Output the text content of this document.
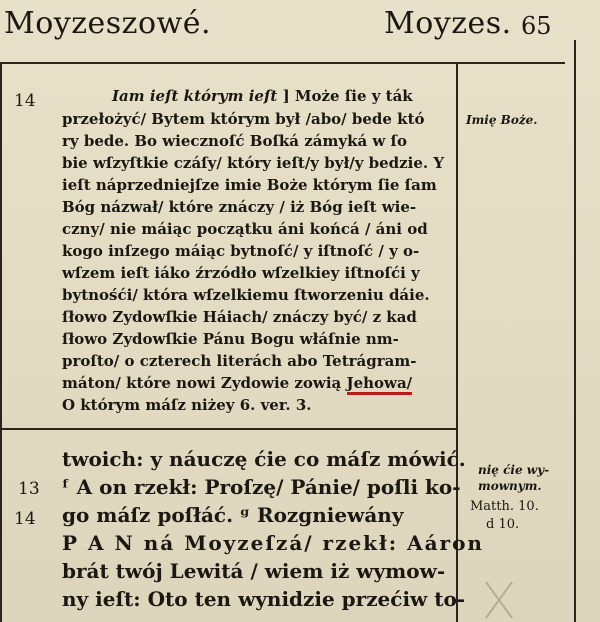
Moyzeszowé.	Moyzes. 65
14	Iam ieſt którym ieſt ] Może ſie y ták
przełożyć/ Bytem którym był /abo/ bede któ
ry bede. Bo wiecznoſć Boſká zámyká w ſo
bie wſzyſtkie czáſy/ który ieſt/y był/y bedzie. Y
ieſt náprzedniejſze imie Boże którym ſie ſam
Bóg názwał/ które znáczy / iż Bóg ieſt wie-
czny/ nie máiąc początku áni końcá / áni od
kogo inſzego máiąc bytnoſć/ y iſtnoſć / y o-
wſzem ieſt iáko źrzódło wſzelkiey iſtnoſći y
bytnośći/ która wſzelkiemu ſtworzeniu dáie.
ſłowo Zydowſkie Háiach/ znáczy być/ z kad
ſłowo Zydowſkie Pánu Bogu włáſnie nm-
proſto/ o czterech literách abo Tetrágram-
máton/ które nowi Zydowie zowią Jehowa/
O którym máſz niżey 6. ver. 3.
Imię Boże.
13
14
twoich: y náuczę ćie co máſz mówić.
ᶠ A on rzekł: Proſzę/ Pánie/ poſli ko-
go máſz poſłáć. ᵍ Rozgniewány
P A N ná Moyzeſzá/ rzekł: Aáron
brát twój Lewitá / wiem iż wymow-
ny ieſt: Oto ten wynidzie przećiw to-
nię ćie wy-
mownym.
Matth. 10.
d 10.
